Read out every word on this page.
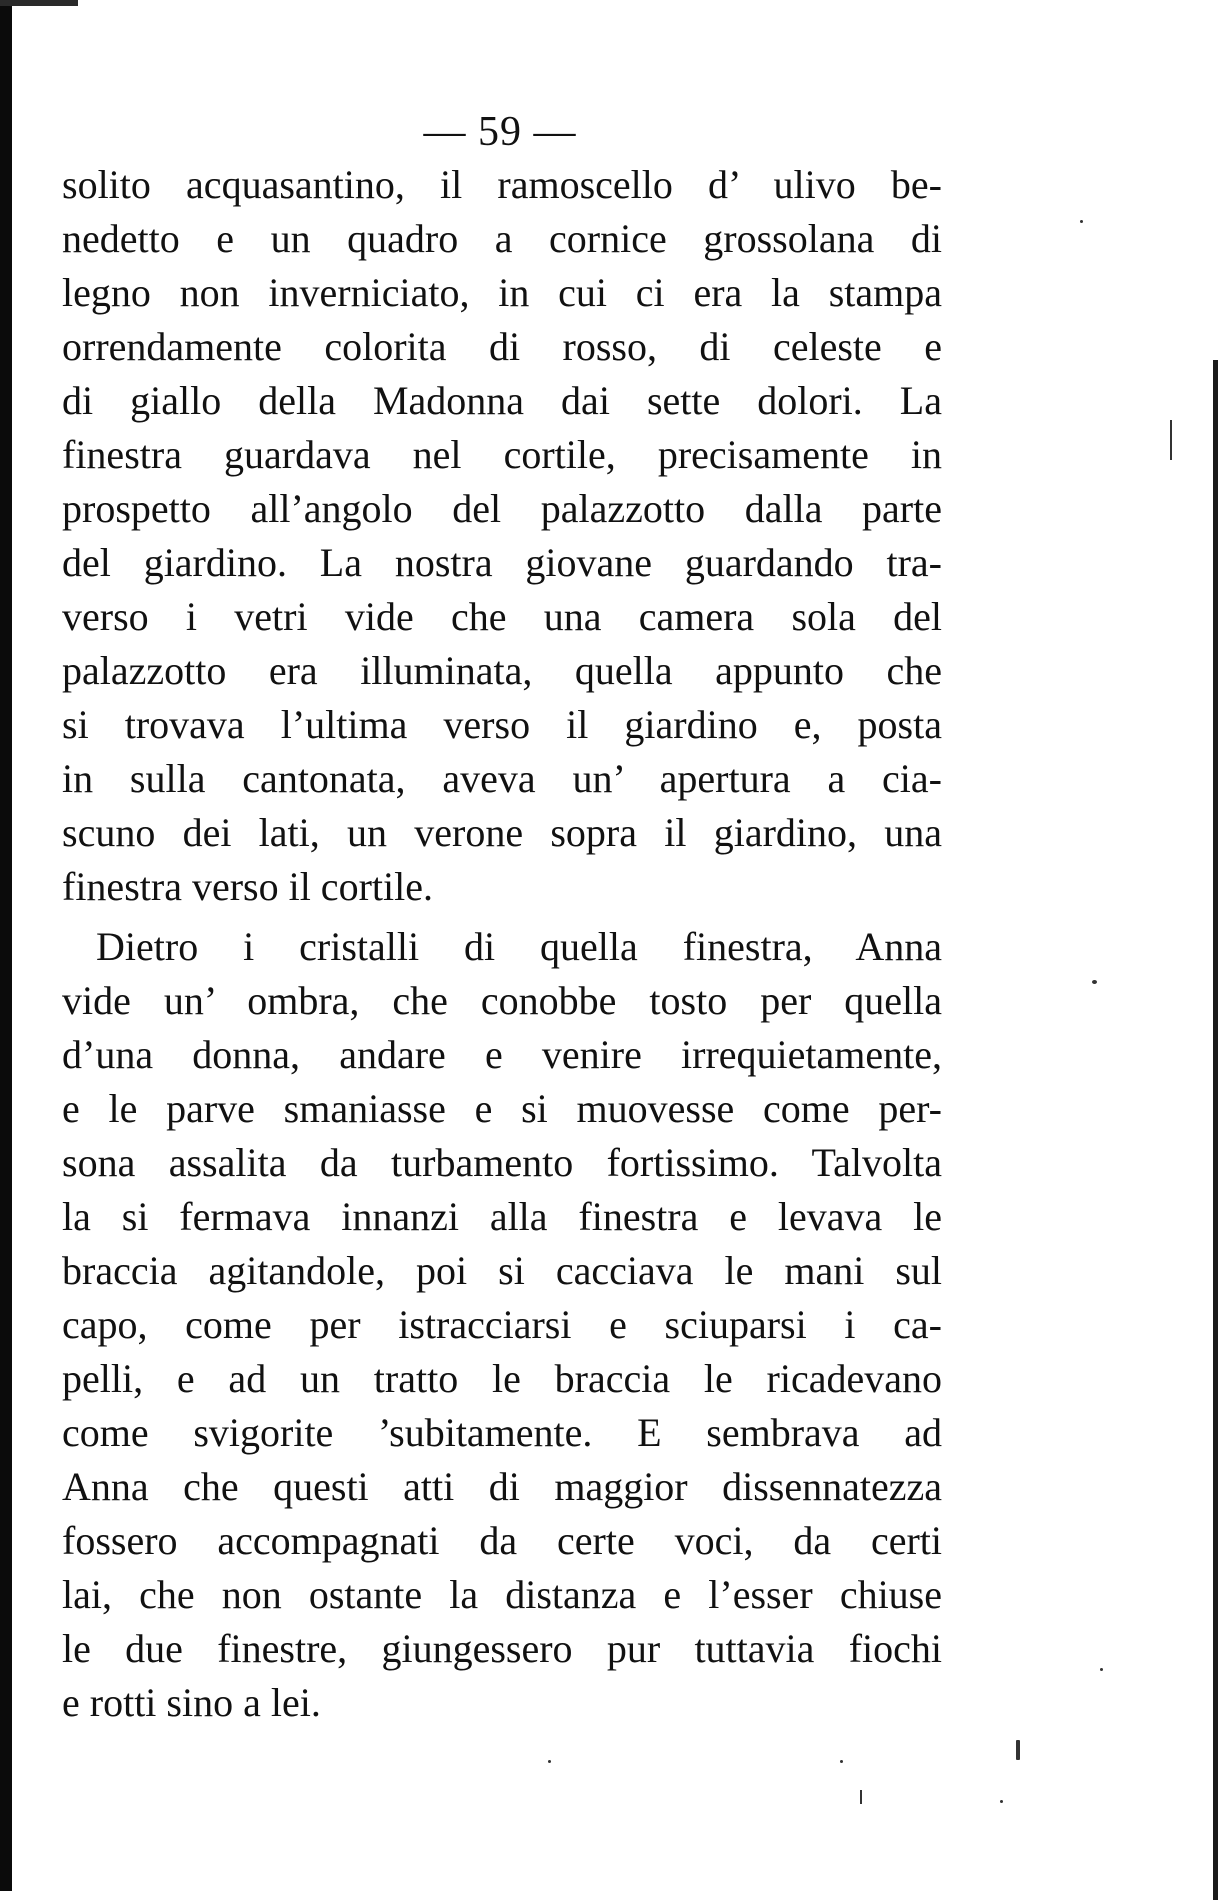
— 59 —
solito acquasantino, il ramoscello d’ ulivo be-
nedetto e un quadro a cornice grossolana di
legno non inverniciato, in cui ci era la stampa
orrendamente colorita di rosso, di celeste e
di giallo della Madonna dai sette dolori. La
finestra guardava nel cortile, precisamente in
prospetto all’angolo del palazzotto dalla parte
del giardino. La nostra giovane guardando tra-
verso i vetri vide che una camera sola del
palazzotto era illuminata, quella appunto che
si trovava l’ultima verso il giardino e, posta
in sulla cantonata, aveva un’ apertura a cia-
scuno dei lati, un verone sopra il giardino, una
finestra verso il cortile.
Dietro i cristalli di quella finestra, Anna
vide un’ ombra, che conobbe tosto per quella
d’una donna, andare e venire irrequietamente,
e le parve smaniasse e si muovesse come per-
sona assalita da turbamento fortissimo. Talvolta
la si fermava innanzi alla finestra e levava le
braccia agitandole, poi si cacciava le mani sul
capo, come per istracciarsi e sciuparsi i ca-
pelli, e ad un tratto le braccia le ricadevano
come svigorite ’subitamente. E sembrava ad
Anna che questi atti di maggior dissennatezza
fossero accompagnati da certe voci, da certi
lai, che non ostante la distanza e l’esser chiuse
le due finestre, giungessero pur tuttavia fiochi
e rotti sino a lei.
